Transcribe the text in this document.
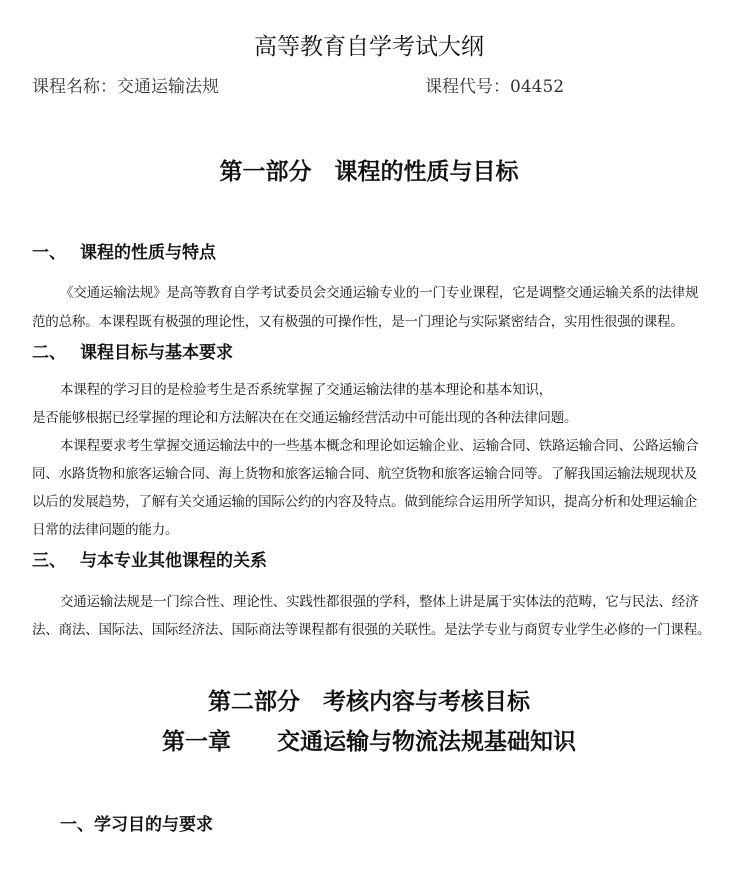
高等教育自学考试大纲
课程名称：交通运输法规	课程代号：04452
第一部分　课程的性质与目标
一、 课程的性质与特点
《交通运输法规》是高等教育自学考试委员会交通运输专业的一门专业课程，它是调整交通运输关系的法律规
范的总称。本课程既有极强的理论性，又有极强的可操作性，是一门理论与实际紧密结合，实用性很强的课程。
二、 课程目标与基本要求
本课程的学习目的是检验考生是否系统掌握了交通运输法律的基本理论和基本知识，
是否能够根据已经掌握的理论和方法解决在在交通运输经营活动中可能出现的各种法律问题。
本课程要求考生掌握交通运输法中的一些基本概念和理论如运输企业、运输合同、铁路运输合同、公路运输合
同、水路货物和旅客运输合同、海上货物和旅客运输合同、航空货物和旅客运输合同等。了解我国运输法规现状及
以后的发展趋势，了解有关交通运输的国际公约的内容及特点。做到能综合运用所学知识，提高分析和处理运输企
日常的法律问题的能力。
三、 与本专业其他课程的关系
交通运输法规是一门综合性、理论性、实践性都很强的学科，整体上讲是属于实体法的范畴，它与民法、经济
法、商法、国际法、国际经济法、国际商法等课程都有很强的关联性。是法学专业与商贸专业学生必修的一门课程。
第二部分　考核内容与考核目标
第一章　　交通运输与物流法规基础知识
一、学习目的与要求
